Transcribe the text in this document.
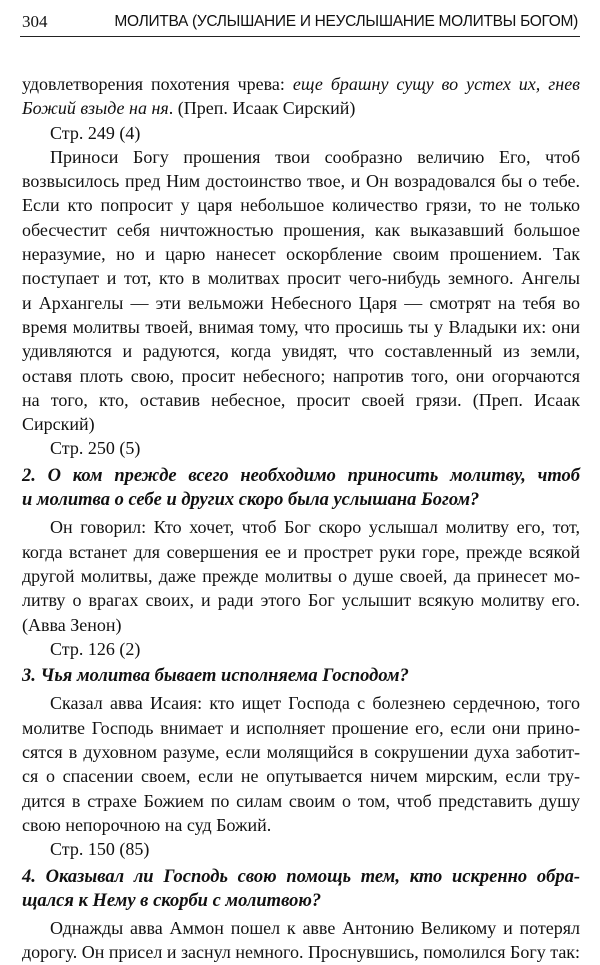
304	МОЛИТВА (УСЛЫШАНИЕ И НЕУСЛЫШАНИЕ МОЛИТВЫ БОГОМ)
удовлетворения похотения чрева: еще брашну сущу во устех их, гнев
Божий взыде на ня. (Преп. Исаак Сирский)
Стр. 249 (4)
Приноси Богу прошения твои сообразно величию Его, чтоб
возвысилось пред Ним достоинство твое, и Он возрадовался бы о тебе.
Если кто попросит у царя небольшое количество грязи, то не только
обесчестит себя ничтожностью прошения, как выказавший большое
неразумие, но и царю нанесет оскорбление своим прошением. Так
поступает и тот, кто в молитвах просит чего-нибудь земного. Ангелы
и Архангелы — эти вельможи Небесного Царя — смотрят на тебя во
время молитвы твоей, внимая тому, что просишь ты у Владыки их: они
удивляются и радуются, когда увидят, что составленный из земли,
оставя плоть свою, просит небесного; напротив того, они огорчаются
на того, кто, оставив небесное, просит своей грязи. (Преп. Исаак
Сирский)
Стр. 250 (5)
2. О ком прежде всего необходимо приносить молитву, чтоб
и молитва о себе и других скоро была услышана Богом?
Он говорил: Кто хочет, чтоб Бог скоро услышал молитву его, тот,
когда встанет для совершения ее и прострет руки горе, прежде всякой
другой молитвы, даже прежде молитвы о душе своей, да принесет мо-
литву о врагах своих, и ради этого Бог услышит всякую молитву его.
(Авва Зенон)
Стр. 126 (2)
3. Чья молитва бывает исполняема Господом?
Сказал авва Исаия: кто ищет Господа с болезнею сердечною, того
молитве Господь внимает и исполняет прошение его, если они прино-
сятся в духовном разуме, если молящийся в сокрушении духа заботит-
ся о спасении своем, если не опутывается ничем мирским, если тру-
дится в страхе Божием по силам своим о том, чтоб представить душу
свою непорочною на суд Божий.
Стр. 150 (85)
4. Оказывал ли Господь свою помощь тем, кто искренно обра-
щался к Нему в скорби с молитвою?
Однажды авва Аммон пошел к авве Антонию Великому и потерял
дорогу. Он присел и заснул немного. Проснувшись, помолился Богу так:
